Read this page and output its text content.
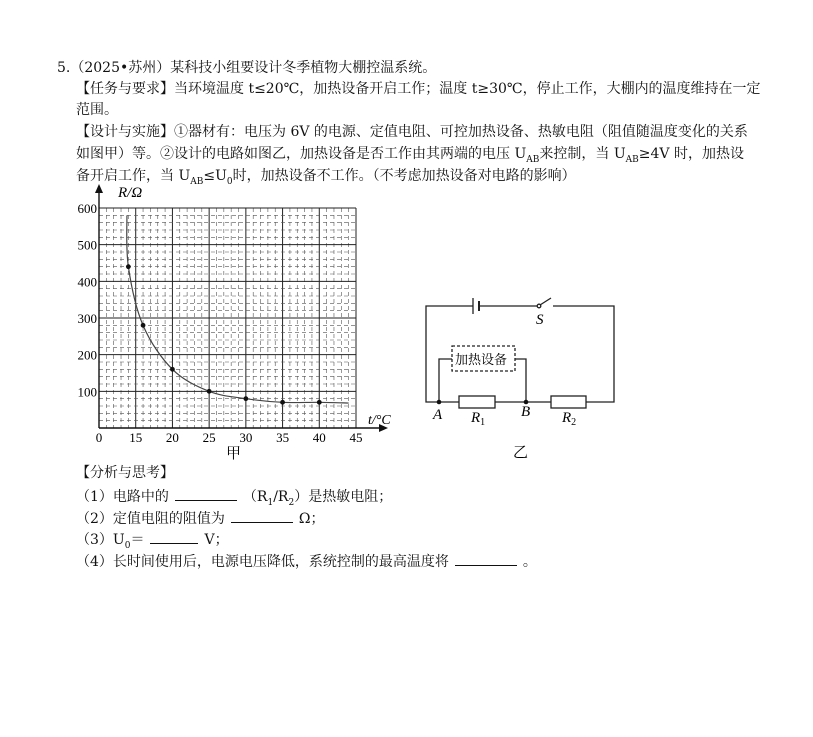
5.（2025•苏州）某科技小组要设计冬季植物大棚控温系统。
【任务与要求】当环境温度 t≤20℃，加热设备开启工作；温度 t≥30℃，停止工作，大棚内的温度维持在一定
范围。
【设计与实施】①器材有：电压为 6V 的电源、定值电阻、可控加热设备、热敏电阻（阻值随温度变化的关系
如图甲）等。②设计的电路如图乙，加热设备是否工作由其两端的电压 $U_{AB}$来控制，当 $U_{AB}\ge 4V$ 时，加热设
备开启工作，当 $U_{AB}\le U_0$时，加热设备不工作。（不考虑加热设备对电路的影响）
R/Ω
t/°C
0 15 20 25 30 35 40 45
100
200
300
400
500
600
甲
S
加热设备
A	B
$R_1$	$R_2$
乙
【分析与思考】
（1）电路中的	$(R_1/R_2)$是热敏电阻；
（2）定值电阻的阻值为	Ω；
$(3)U_0=$	V；
（4）长时间使用后，电源电压降低，系统控制的最高温度将	。
